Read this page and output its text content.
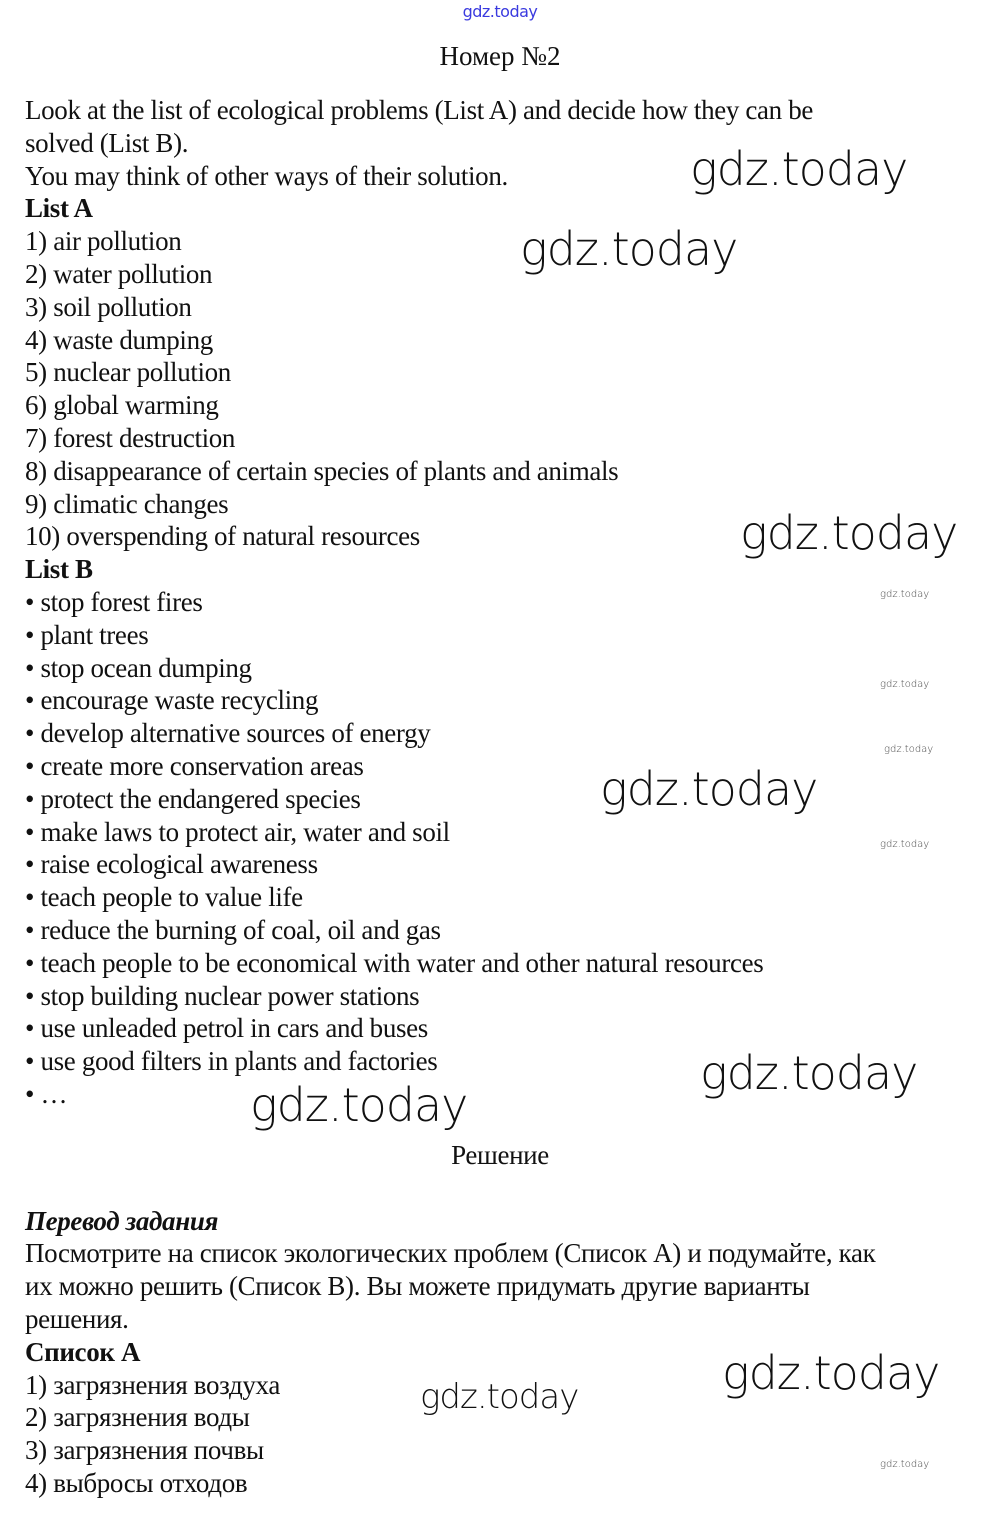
gdz.today
Номер №2
Look at the list of ecological problems (List A) and decide how they can be
solved (List B).
You may think of other ways of their solution.
List A
1) air pollution
2) water pollution
3) soil pollution
4) waste dumping
5) nuclear pollution
6) global warming
7) forest destruction
8) disappearance of certain species of plants and animals
9) climatic changes
10) overspending of natural resources
List B
• stop forest fires
• plant trees
• stop ocean dumping
• encourage waste recycling
• develop alternative sources of energy
• create more conservation areas
• protect the endangered species
• make laws to protect air, water and soil
• raise ecological awareness
• teach people to value life
• reduce the burning of coal, oil and gas
• teach people to be economical with water and other natural resources
• stop building nuclear power stations
• use unleaded petrol in cars and buses
• use good filters in plants and factories
• …
Решение
Перевод задания
Посмотрите на список экологических проблем (Список А) и подумайте, как
их можно решить (Список В). Вы можете придумать другие варианты
решения.
Список А
1) загрязнения воздуха
2) загрязнения воды
3) загрязнения почвы
4) выбросы отходов
gdz.today
gdz.today
gdz.today
gdz.today
gdz.today
gdz.today
gdz.today
gdz.today
gdz.today
gdz.today
gdz.today
gdz.today
gdz.today
